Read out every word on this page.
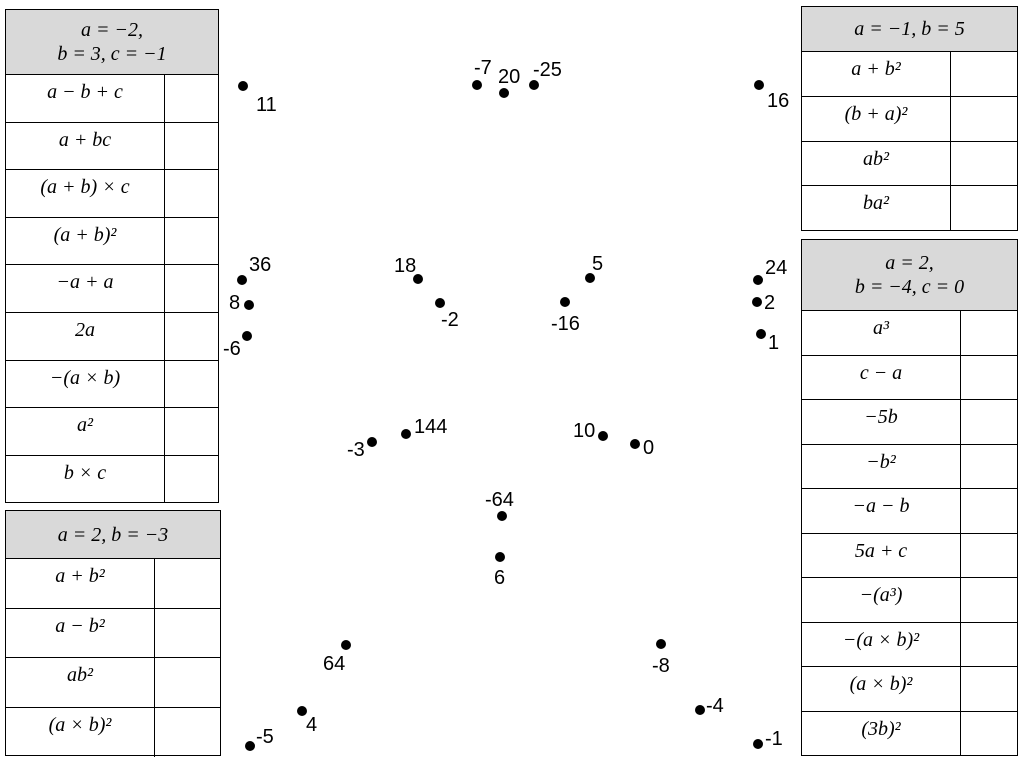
a = −2,
b = 3, c = −1
a − b + c
a + bc
(a + b) × c
(a + b)²
−a + a
2a
−(a × b)
a²
b × c
a = 2, b = −3
a + b²
a − b²
ab²
(a × b)²
a = −1, b = 5
a + b²
(b + a)²
ab²
ba²
a = 2,
b = −4, c = 0
a³
c − a
−5b
−b²
−a − b
5a + c
−(a³)
−(a × b)²
(a × b)²
(3b)²
11
-7 20 -25
16
36
8
-6
18
-2
5
-16
24
2
1
-3
144	10
0
-64
6
64	-8
4
-5
-4
-1
